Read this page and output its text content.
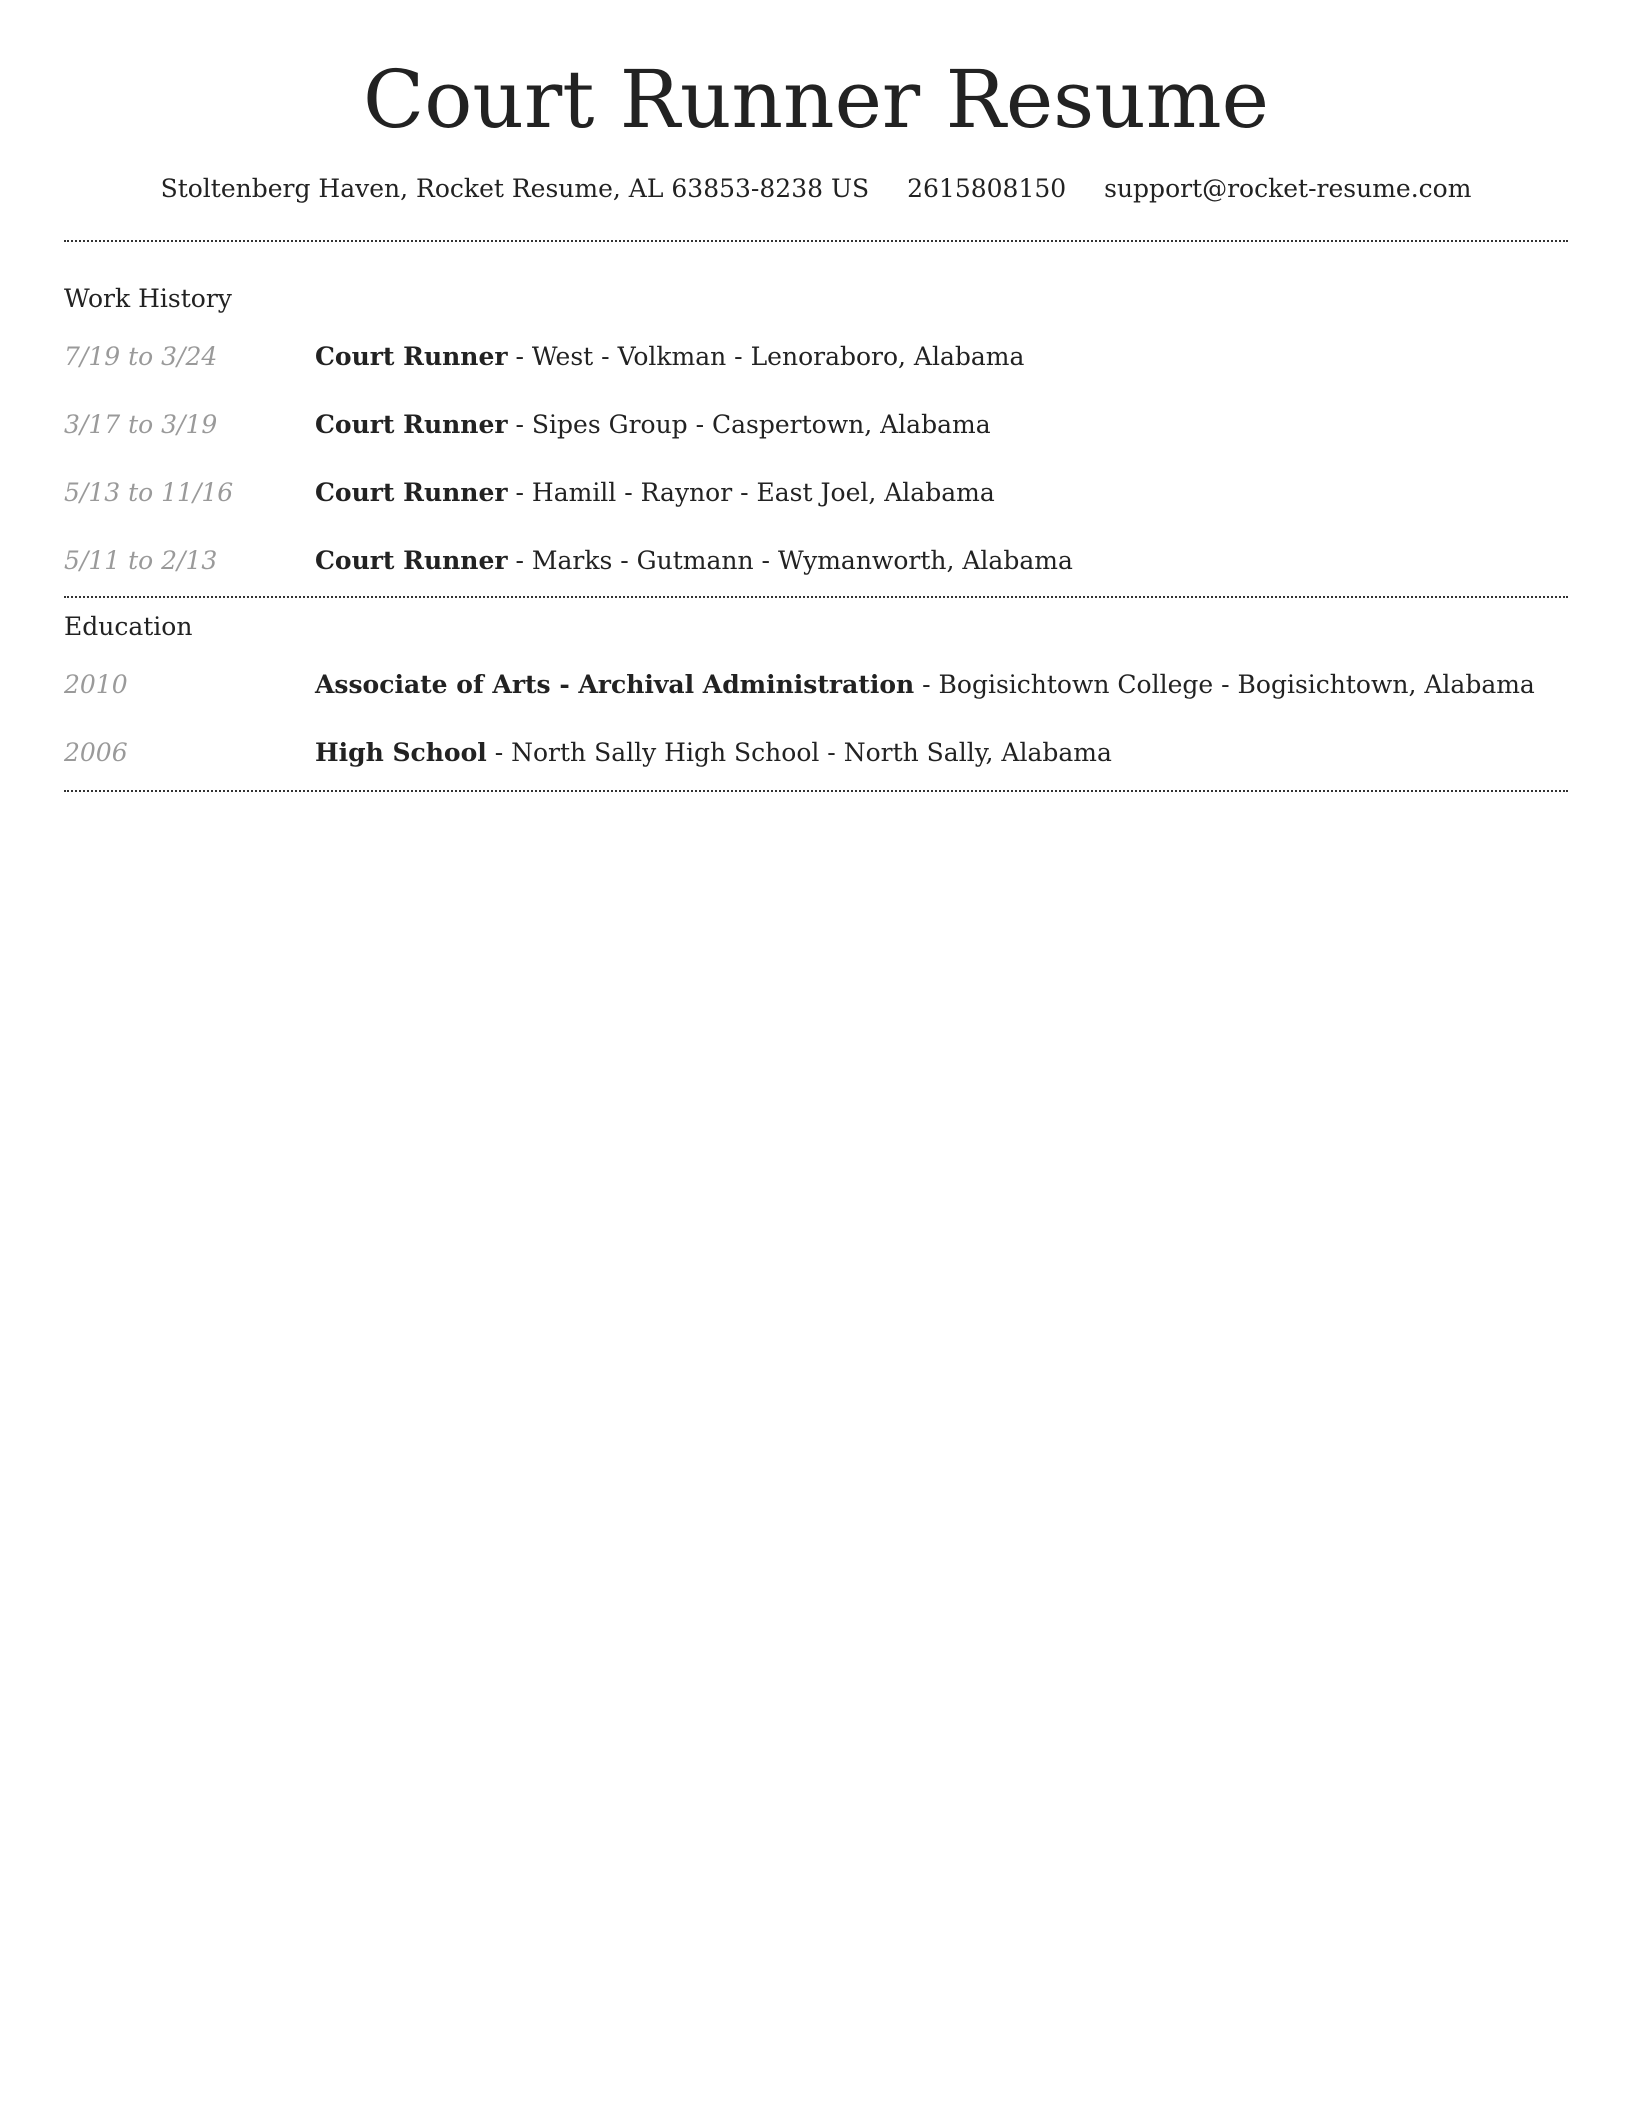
Court Runner Resume
Stoltenberg Haven, Rocket Resume, AL 63853-8238 US 2615808150 support@rocket-resume.com
Work History
7/19 to 3/24	Court Runner - West - Volkman - Lenoraboro, Alabama
3/17 to 3/19	Court Runner - Sipes Group - Caspertown, Alabama
5/13 to 11/16	Court Runner - Hamill - Raynor - East Joel, Alabama
5/11 to 2/13	Court Runner - Marks - Gutmann - Wymanworth, Alabama
Education
2010	Associate of Arts - Archival Administration - Bogisichtown College - Bogisichtown, Alabama
2006	High School - North Sally High School - North Sally, Alabama
